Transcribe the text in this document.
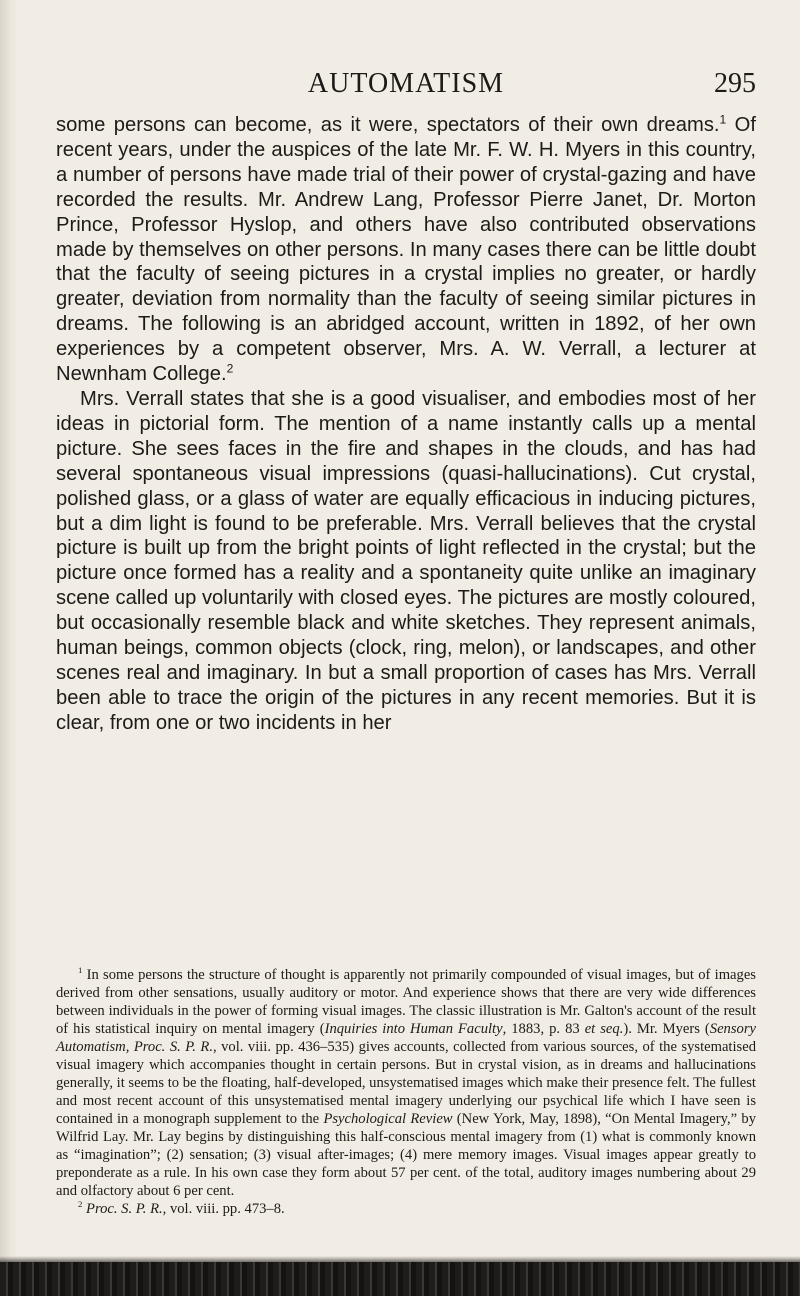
AUTOMATISM	295

some persons can become, as it were, spectators of their own dreams.$^1$ Of recent years, under the auspices of the late Mr. F. W. H. Myers in this country, a number of persons have made trial of their power of crystal-gazing and have recorded the results. Mr. Andrew Lang, Professor Pierre Janet, Dr. Morton Prince, Professor Hyslop, and others have also contributed observations made by themselves on other persons. In many cases there can be little doubt that the faculty of seeing pictures in a crystal implies no greater, or hardly greater, deviation from normality than the faculty of seeing similar pictures in dreams. The following is an abridged account, written in 1892, of her own experiences by a competent observer, Mrs. A. W. Verrall, a lecturer at Newnham College.$^2$

Mrs. Verrall states that she is a good visualiser, and embodies most of her ideas in pictorial form. The mention of a name instantly calls up a mental picture. She sees faces in the fire and shapes in the clouds, and has had several spontaneous visual impressions (quasi-hallucinations). Cut crystal, polished glass, or a glass of water are equally efficacious in inducing pictures, but a dim light is found to be preferable. Mrs. Verrall believes that the crystal picture is built up from the bright points of light reflected in the crystal; but the picture once formed has a reality and a spontaneity quite unlike an imaginary scene called up voluntarily with closed eyes. The pictures are mostly coloured, but occasionally resemble black and white sketches. They represent animals, human beings, common objects (clock, ring, melon), or landscapes, and other scenes real and imaginary. In but a small proportion of cases has Mrs. Verrall been able to trace the origin of the pictures in any recent memories. But it is clear, from one or two incidents in her

$^1$ In some persons the structure of thought is apparently not primarily compounded of visual images, but of images derived from other sensations, usually auditory or motor. And experience shows that there are very wide differences between individuals in the power of forming visual images. The classic illustration is Mr. Galton's account of the result of his statistical inquiry on mental imagery (Inquiries into Human Faculty, 1883, p. 83 et seq.). Mr. Myers (Sensory Automatism, Proc. S. P. R., vol. viii. pp. 436–535) gives accounts, collected from various sources, of the systematised visual imagery which accompanies thought in certain persons. But in crystal vision, as in dreams and hallucinations generally, it seems to be the floating, half-developed, unsystematised images which make their presence felt. The fullest and most recent account of this unsystematised mental imagery underlying our psychical life which I have seen is contained in a monograph supplement to the Psychological Review (New York, May, 1898), “On Mental Imagery,” by Wilfrid Lay. Mr. Lay begins by distinguishing this half-conscious mental imagery from (1) what is commonly known as “imagination”; (2) sensation; (3) visual after-images; (4) mere memory images. Visual images appear greatly to preponderate as a rule. In his own case they form about 57 per cent. of the total, auditory images numbering about 29 and olfactory about 6 per cent.

$^2$ Proc. S. P. R., vol. viii. pp. 473–8.
